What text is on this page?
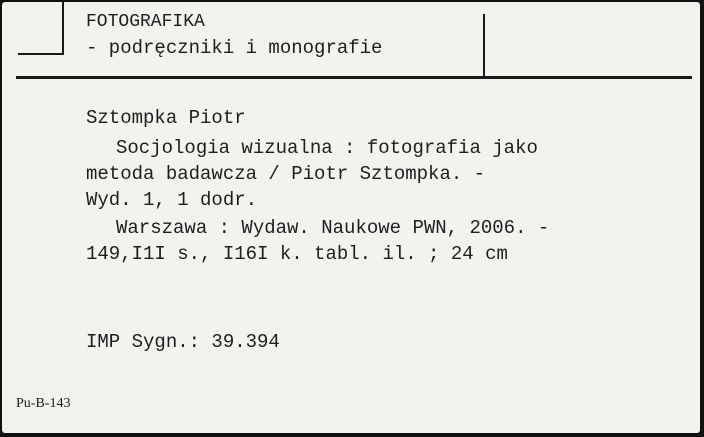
FOTOGRAFIKA
- podręczniki i monografie
Sztompka Piotr
Socjologia wizualna : fotografia jako
metoda badawcza / Piotr Sztompka. -
Wyd. 1, 1 dodr.
Warszawa : Wydaw. Naukowe PWN, 2006. -
149,I1I s., I16I k. tabl. il. ; 24 cm
IMP Sygn.: 39.394
Pu-B-143
